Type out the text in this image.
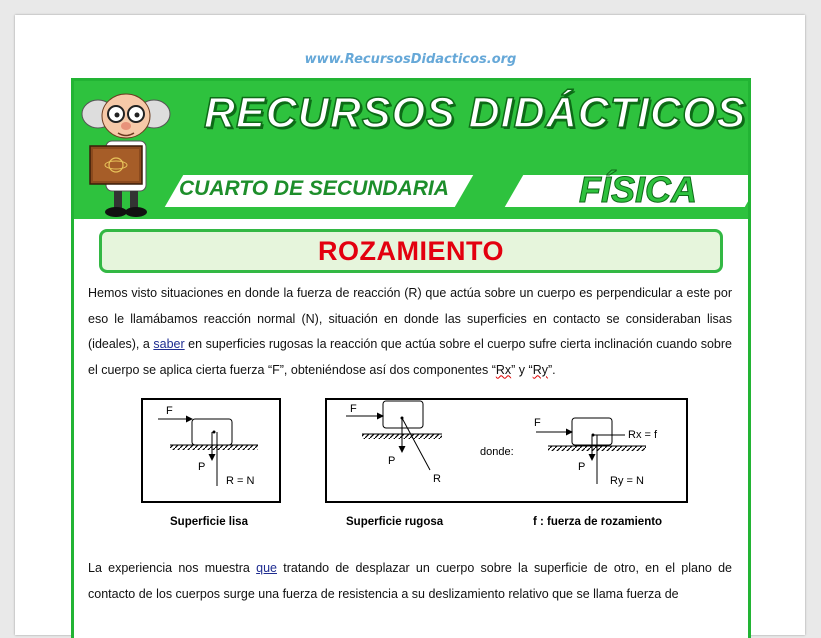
www.RecursosDidacticos.org
RECURSOS DIDÁCTICOS
CUARTO DE SECUNDARIA	FÍSICA
ROZAMIENTO
Hemos visto situaciones en donde la fuerza de reacción (R) que actúa sobre un cuerpo es perpendicular a este por eso le llamábamos reacción normal (N), situación en donde las superficies en contacto se consideraban lisas (ideales), a saber en superficies rugosas la reacción que actúa sobre el cuerpo sufre cierta inclinación cuando sobre el cuerpo se aplica cierta fuerza “F”, obteniéndose así dos componentes “Rx” y “Ry”.
F
P
R = N
F
P
R
donde:
F
P
Rx = f
Ry = N
Superficie lisa	Superficie rugosa	f : fuerza de rozamiento
La experiencia nos muestra que tratando de desplazar un cuerpo sobre la superficie de otro, en el plano de contacto de los cuerpos surge una fuerza de resistencia a su deslizamiento relativo que se llama fuerza de
